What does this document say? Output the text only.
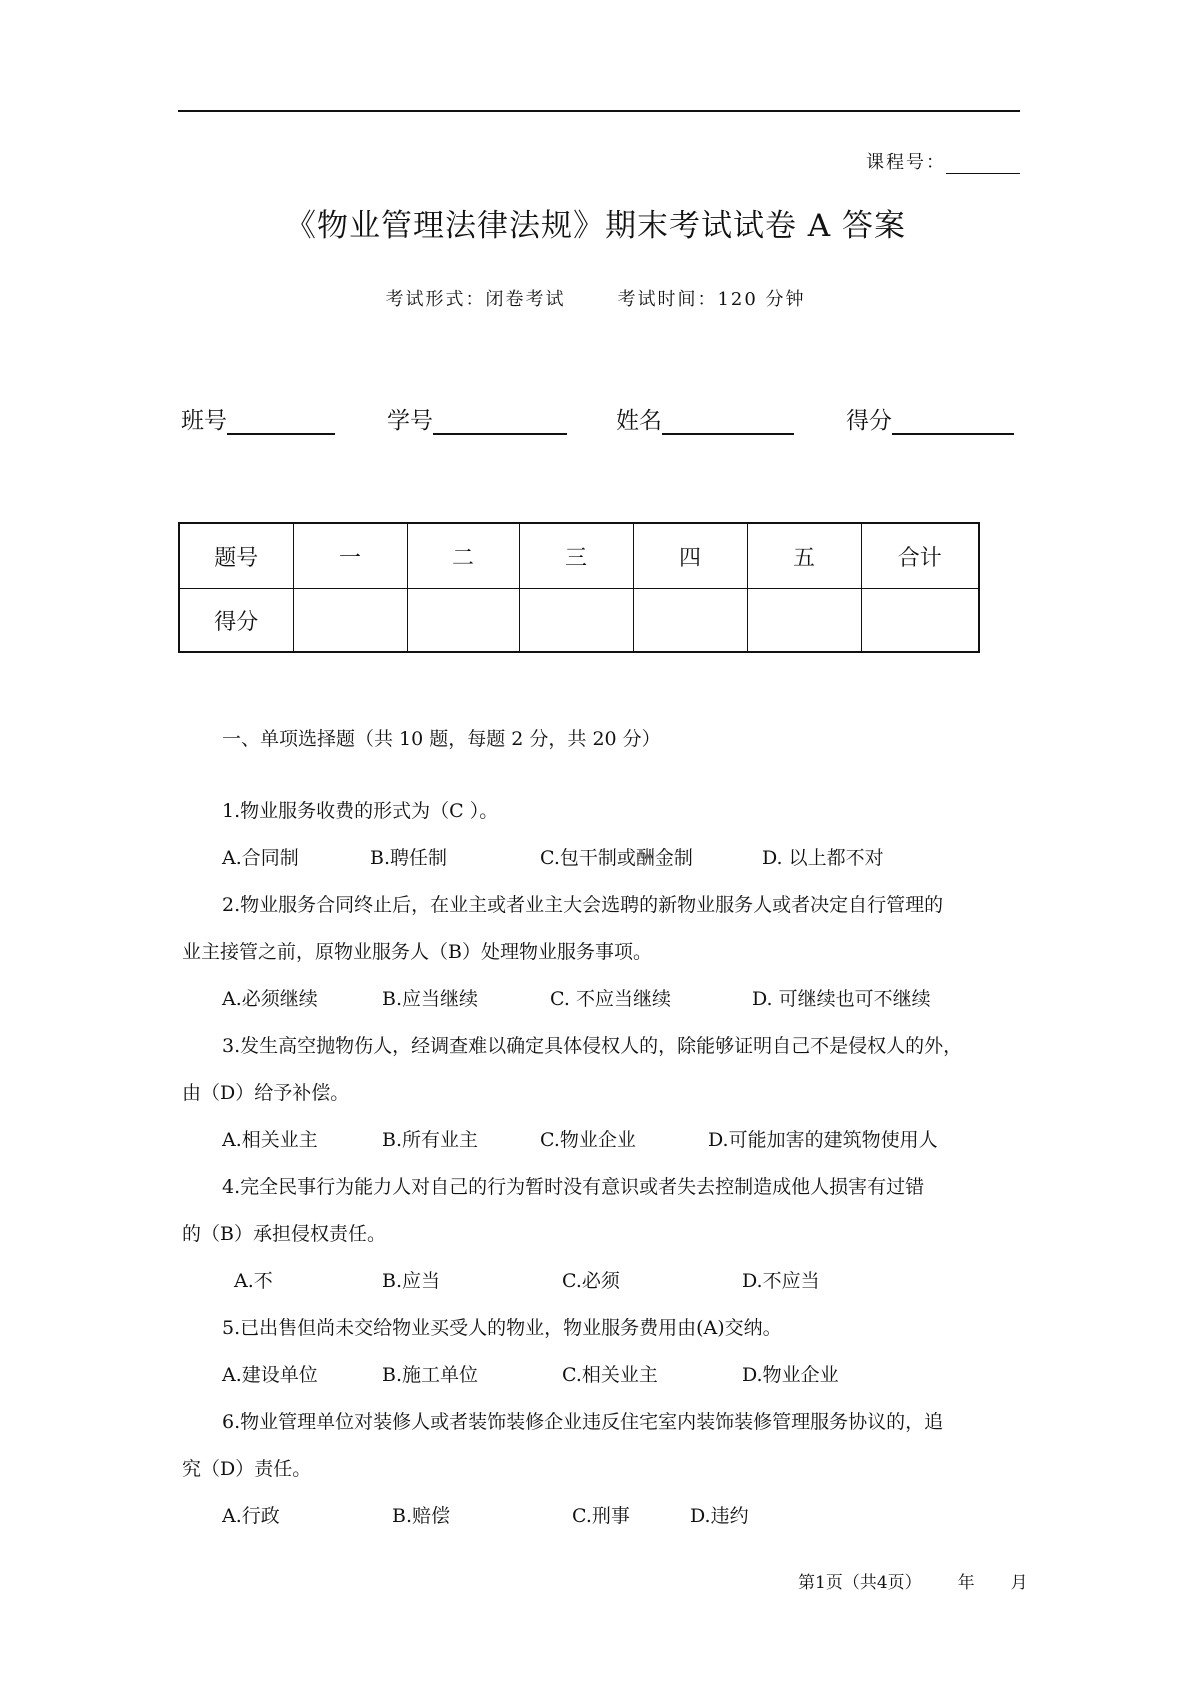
课程号：
《物业管理法律法规》期末考试试卷 A 答案
考试形式：闭卷考试	考试时间：120 分钟
班号	学号	姓名	得分
题号	一	二	三	四	五	合计
得分						
一、单项选择题（共 10 题，每题 2 分，共 20 分）
1.物业服务收费的形式为（C ）。
A.合同制	B.聘任制	C.包干制或酬金制	D. 以上都不对
2.物业服务合同终止后，在业主或者业主大会选聘的新物业服务人或者决定自行管理的
业主接管之前，原物业服务人（B）处理物业服务事项。
A.必须继续	B.应当继续	C. 不应当继续	D. 可继续也可不继续
3.发生高空抛物伤人，经调查难以确定具体侵权人的，除能够证明自己不是侵权人的外，
由（D）给予补偿。
A.相关业主	B.所有业主	C.物业企业	D.可能加害的建筑物使用人
4.完全民事行为能力人对自己的行为暂时没有意识或者失去控制造成他人损害有过错
的（B）承担侵权责任。
A.不	B.应当	C.必须	D.不应当
5.已出售但尚未交给物业买受人的物业，物业服务费用由(A)交纳。
A.建设单位	B.施工单位	C.相关业主	D.物业企业
6.物业管理单位对装修人或者装饰装修企业违反住宅室内装饰装修管理服务协议的，追
究（D）责任。
A.行政	B.赔偿	C.刑事	D.违约
第1页（共4页） 年 月
